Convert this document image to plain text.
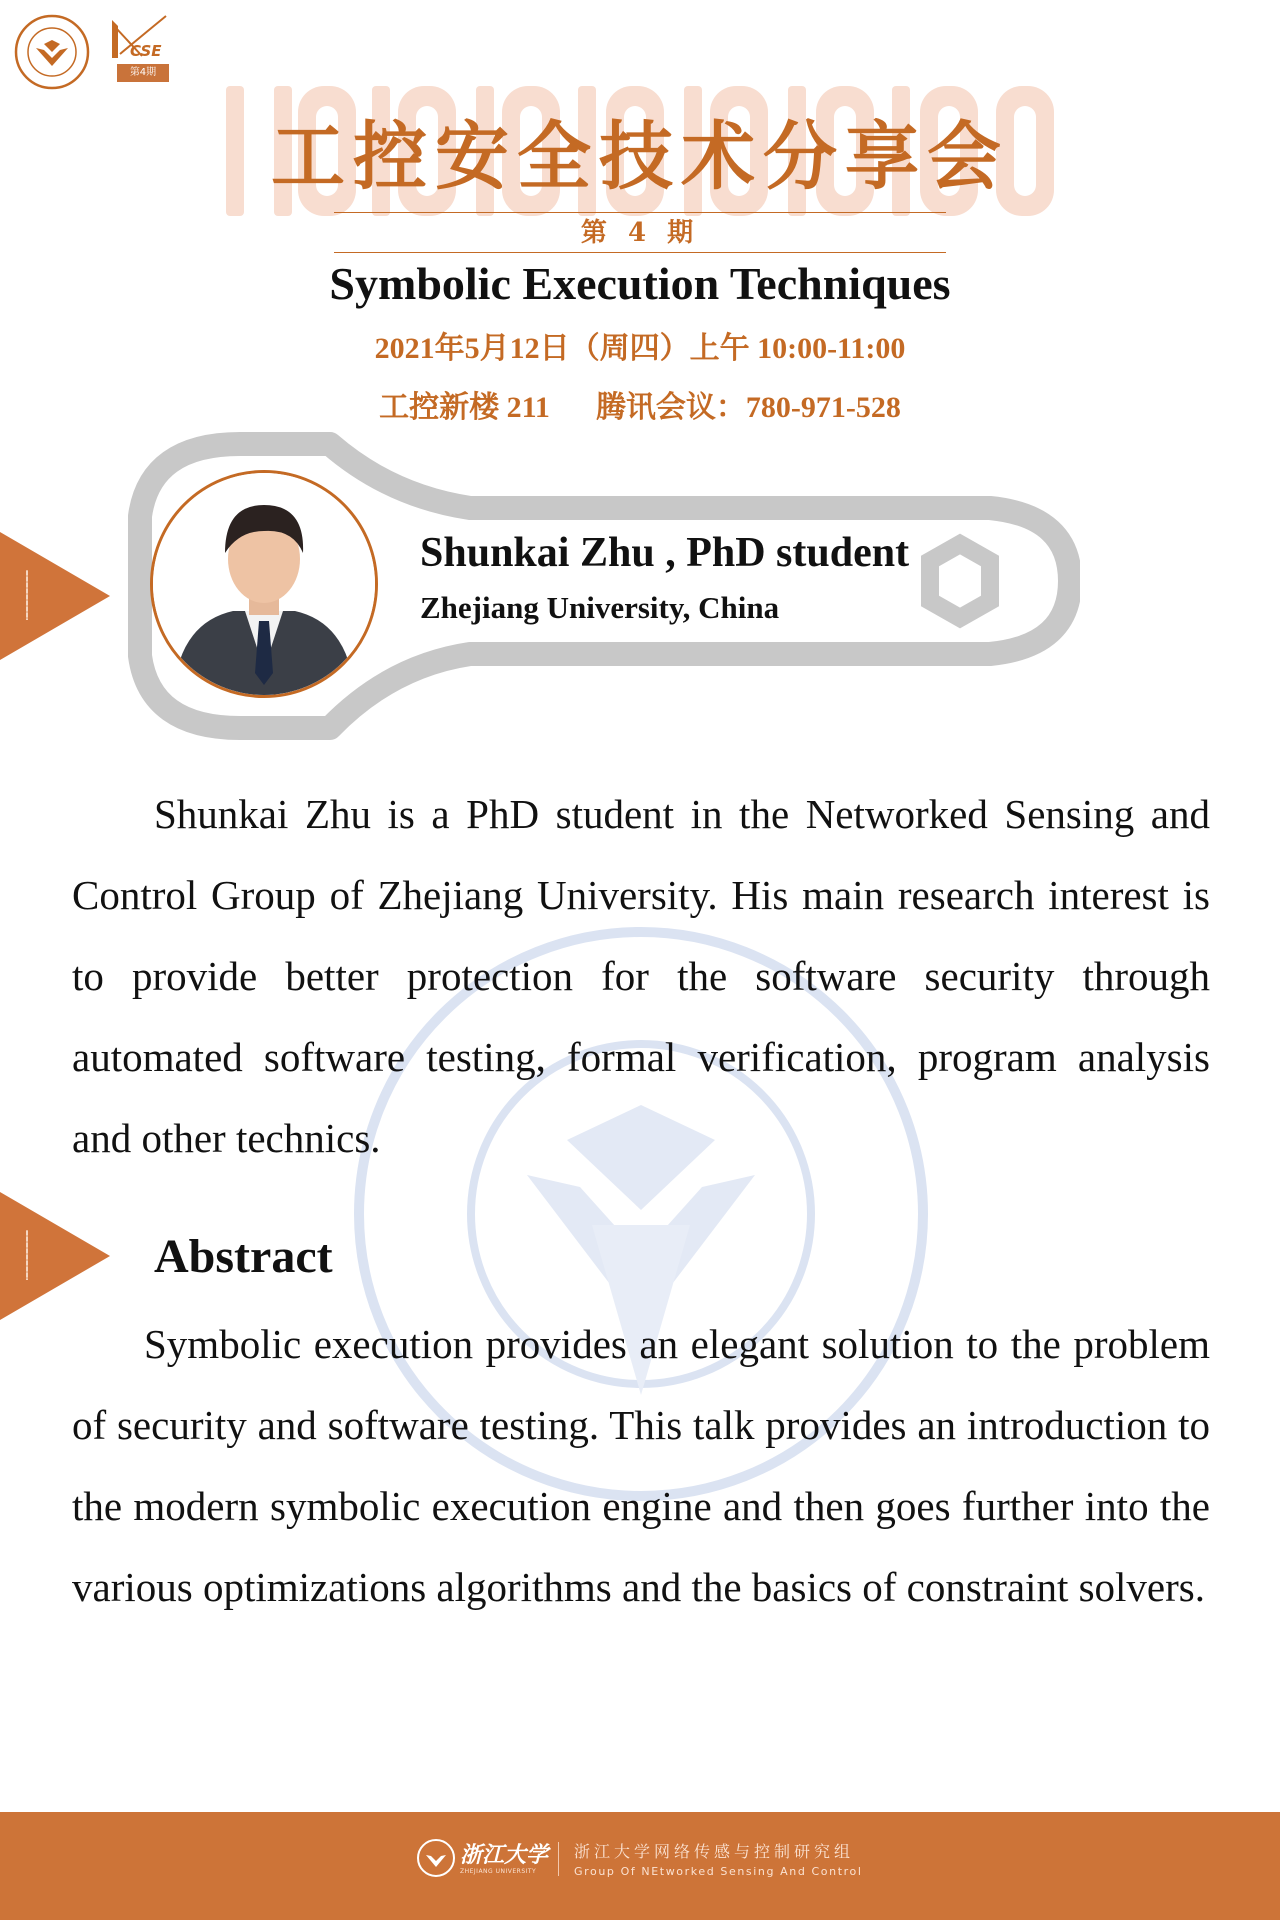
CSE
第4期
工控安全技术分享会
第 4 期
Symbolic Execution Techniques
2021年5月12日（周四）上午 10:00-11:00
工控新楼 211 腾讯会议：780-971-528
Shunkai Zhu , PhD student
Zhejiang University, China
Shunkai Zhu is a PhD student in the Networked Sensing and Control Group of Zhejiang University. His main research interest is to provide better protection for the software security through automated software testing, formal verification, program analysis and other technics.
Abstract
Symbolic execution provides an elegant solution to the problem of security and software testing. This talk provides an introduction to the modern symbolic execution engine and then goes further into the various optimizations algorithms and the basics of constraint solvers.
浙江大学
ZHEJIANG UNIVERSITY
浙江大学网络传感与控制研究组
Group Of NEtworked Sensing And Control
